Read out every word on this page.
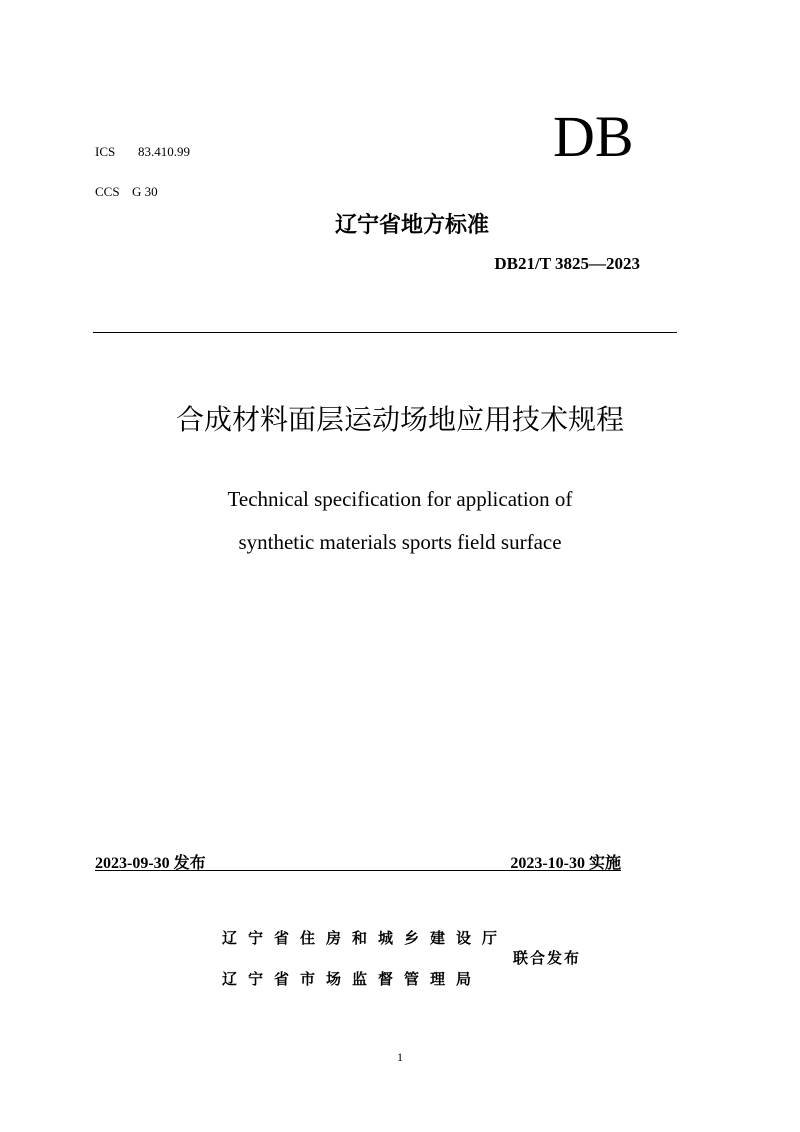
ICS 83.410.99
CCS G 30
DB
辽宁省地方标准
DB21/T 3825—2023
合成材料面层运动场地应用技术规程
Technical specification for application of
synthetic materials sports field surface
2023-09-30 发布	2023-10-30 实施
辽宁省住房和城乡建设厅
辽宁省市场监督管理局
联合发布
1
